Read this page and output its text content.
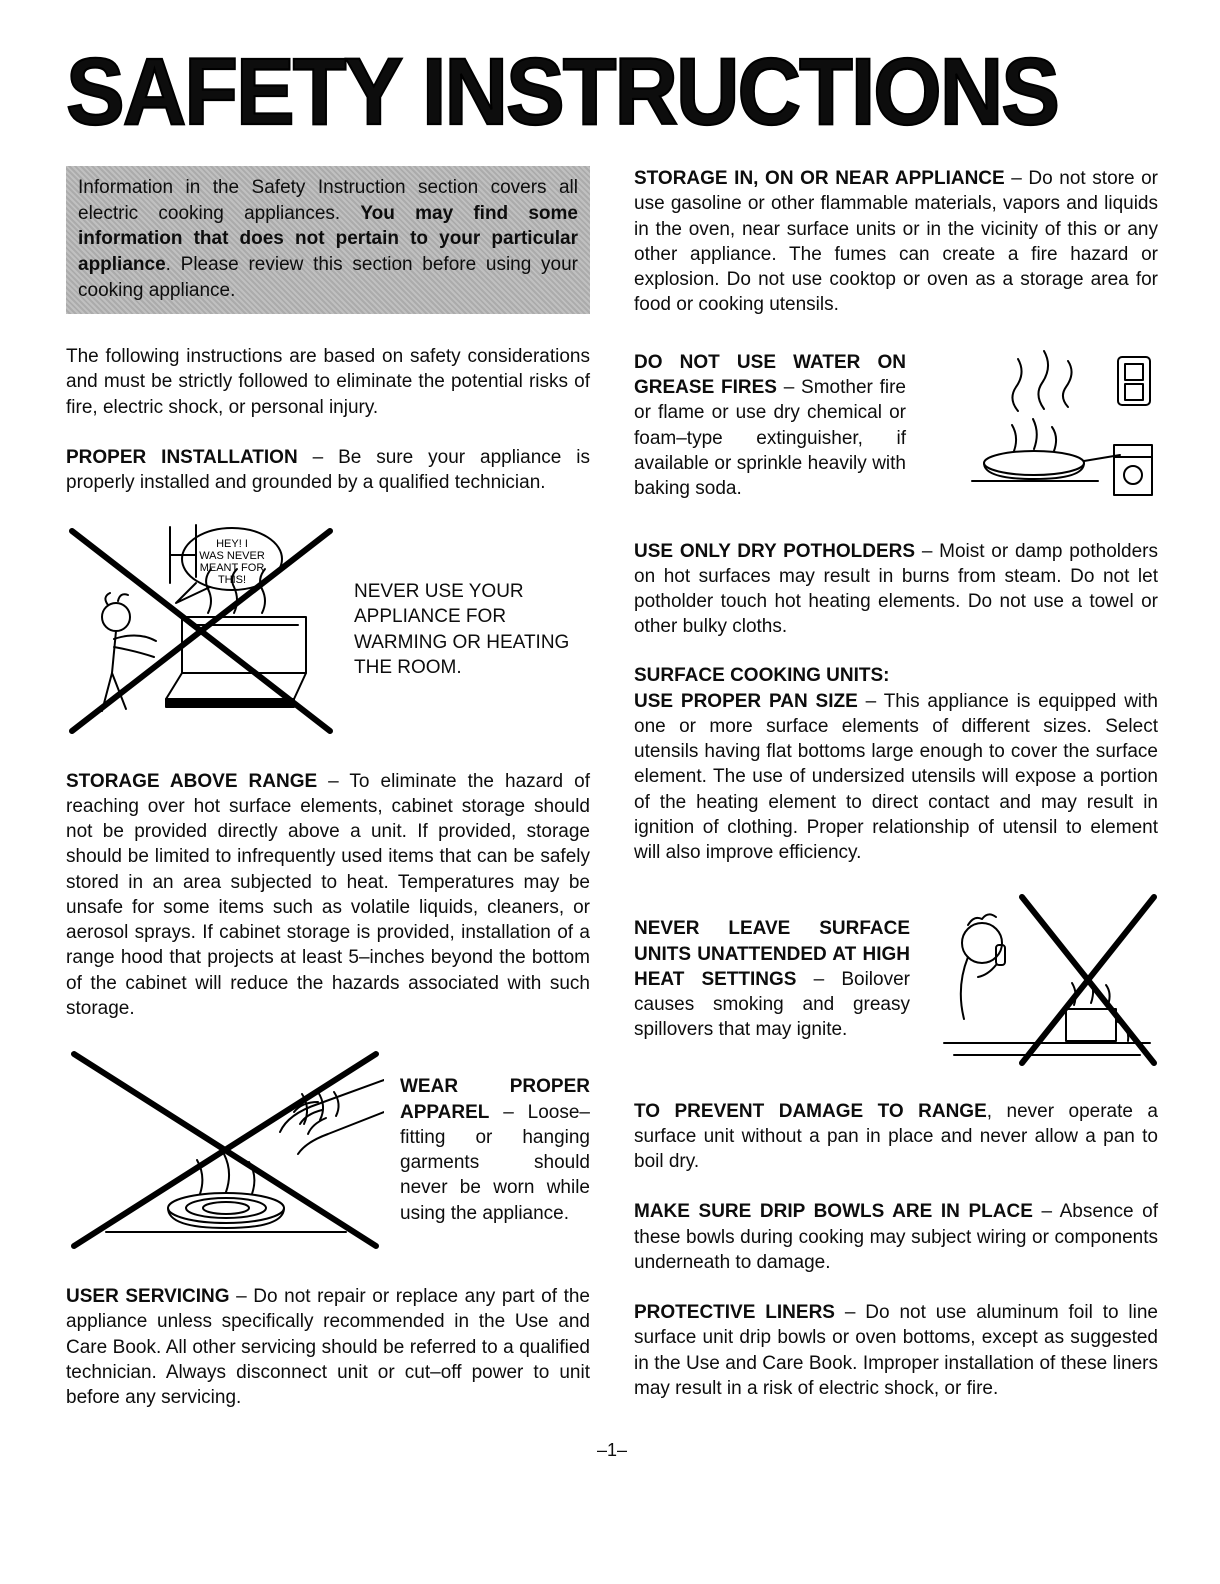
SAFETY INSTRUCTIONS
Information in the Safety Instruction section covers all electric cooking appliances. You may find some information that does not pertain to your particular appliance. Please review this section before using your cooking appliance.

The following instructions are based on safety considerations and must be strictly followed to eliminate the potential risks of fire, electric shock, or personal injury.

PROPER INSTALLATION – Be sure your appliance is properly installed and grounded by a qualified technician.

HEY! I
WAS NEVER
MEANT FOR
THIS!
NEVER USE YOUR APPLIANCE FOR WARMING OR HEATING THE ROOM.

STORAGE ABOVE RANGE – To eliminate the hazard of reaching over hot surface elements, cabinet storage should not be provided directly above a unit. If provided, storage should be limited to infrequently used items that can be safely stored in an area subjected to heat. Temperatures may be unsafe for some items such as volatile liquids, cleaners, or aerosol sprays. If cabinet storage is provided, installation of a range hood that projects at least 5–inches beyond the bottom of the cabinet will reduce the hazards associated with such storage.

WEAR PROPER APPAREL – Loose–fitting or hanging garments should never be worn while using the appliance.

USER SERVICING – Do not repair or replace any part of the appliance unless specifically recommended in the Use and Care Book. All other servicing should be referred to a qualified technician. Always disconnect unit or cut–off power to unit before any servicing.

STORAGE IN, ON OR NEAR APPLIANCE – Do not store or use gasoline or other flammable materials, vapors and liquids in the oven, near surface units or in the vicinity of this or any other appliance. The fumes can create a fire hazard or explosion. Do not use cooktop or oven as a storage area for food or cooking utensils.

DO NOT USE WATER ON GREASE FIRES – Smother fire or flame or use dry chemical or foam–type extinguisher, if available or sprinkle heavily with baking soda.

USE ONLY DRY POTHOLDERS – Moist or damp potholders on hot surfaces may result in burns from steam. Do not let potholder touch hot heating elements. Do not use a towel or other bulky cloths.

SURFACE COOKING UNITS:

USE PROPER PAN SIZE – This appliance is equipped with one or more surface elements of different sizes. Select utensils having flat bottoms large enough to cover the surface element. The use of undersized utensils will expose a portion of the heating element to direct contact and may result in ignition of clothing. Proper relationship of utensil to element will also improve efficiency.

NEVER LEAVE SURFACE UNITS UNATTENDED AT HIGH HEAT SETTINGS – Boilover causes smoking and greasy spillovers that may ignite.

TO PREVENT DAMAGE TO RANGE, never operate a surface unit without a pan in place and never allow a pan to boil dry.

MAKE SURE DRIP BOWLS ARE IN PLACE – Absence of these bowls during cooking may subject wiring or components underneath to damage.

PROTECTIVE LINERS – Do not use aluminum foil to line surface unit drip bowls or oven bottoms, except as suggested in the Use and Care Book. Improper installation of these liners may result in a risk of electric shock, or fire.

–1–
